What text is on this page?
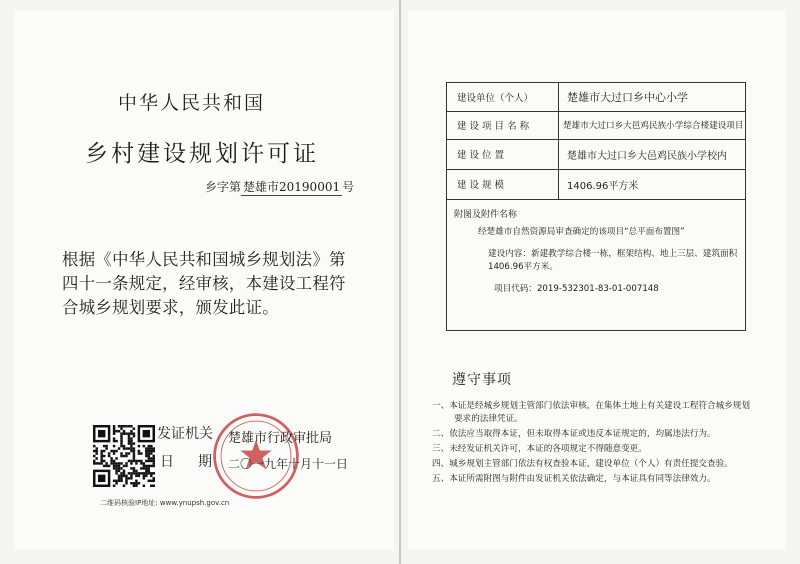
中华人民共和国
乡村建设规划许可证
乡字第 楚雄市20190001 号

根据《中华人民共和国城乡规划法》第四十一条规定，经审核，本建设工程符合城乡规划要求，颁发此证。

发证机关 楚雄市行政审批局
日期
二〇一九年十月十一日
二维码核验IP地址: www.ynupsh.gov.cn
建设单位（个人）	楚雄市大过口乡中心小学
建 设 项 目 名 称	楚雄市大过口乡大邑鸡民族小学综合楼建设项目
建 设 位 置	楚雄市大过口乡大邑鸡民族小学校内
建 设 规 模	1406.96平方米
附图及附件名称
经楚雄市自然资源局审查确定的该项目“总平面布置图”

建设内容：新建教学综合楼一栋，框架结构、地上三层、建筑面积1406.96平方米。

项目代码：2019-532301-83-01-007148
遵守事项
一、本证是经城乡规划主管部门依法审核，在集体土地上有关建设工程符合城乡规划要求的法律凭证。
二、依法应当取得本证，但未取得本证或违反本证规定的，均属违法行为。
三、未经发证机关许可，本证的各项规定不得随意变更。
四、城乡规划主管部门依法有权查验本证，建设单位（个人）有责任提交查验。
五、本证所需附图与附件由发证机关依法确定，与本证具有同等法律效力。
